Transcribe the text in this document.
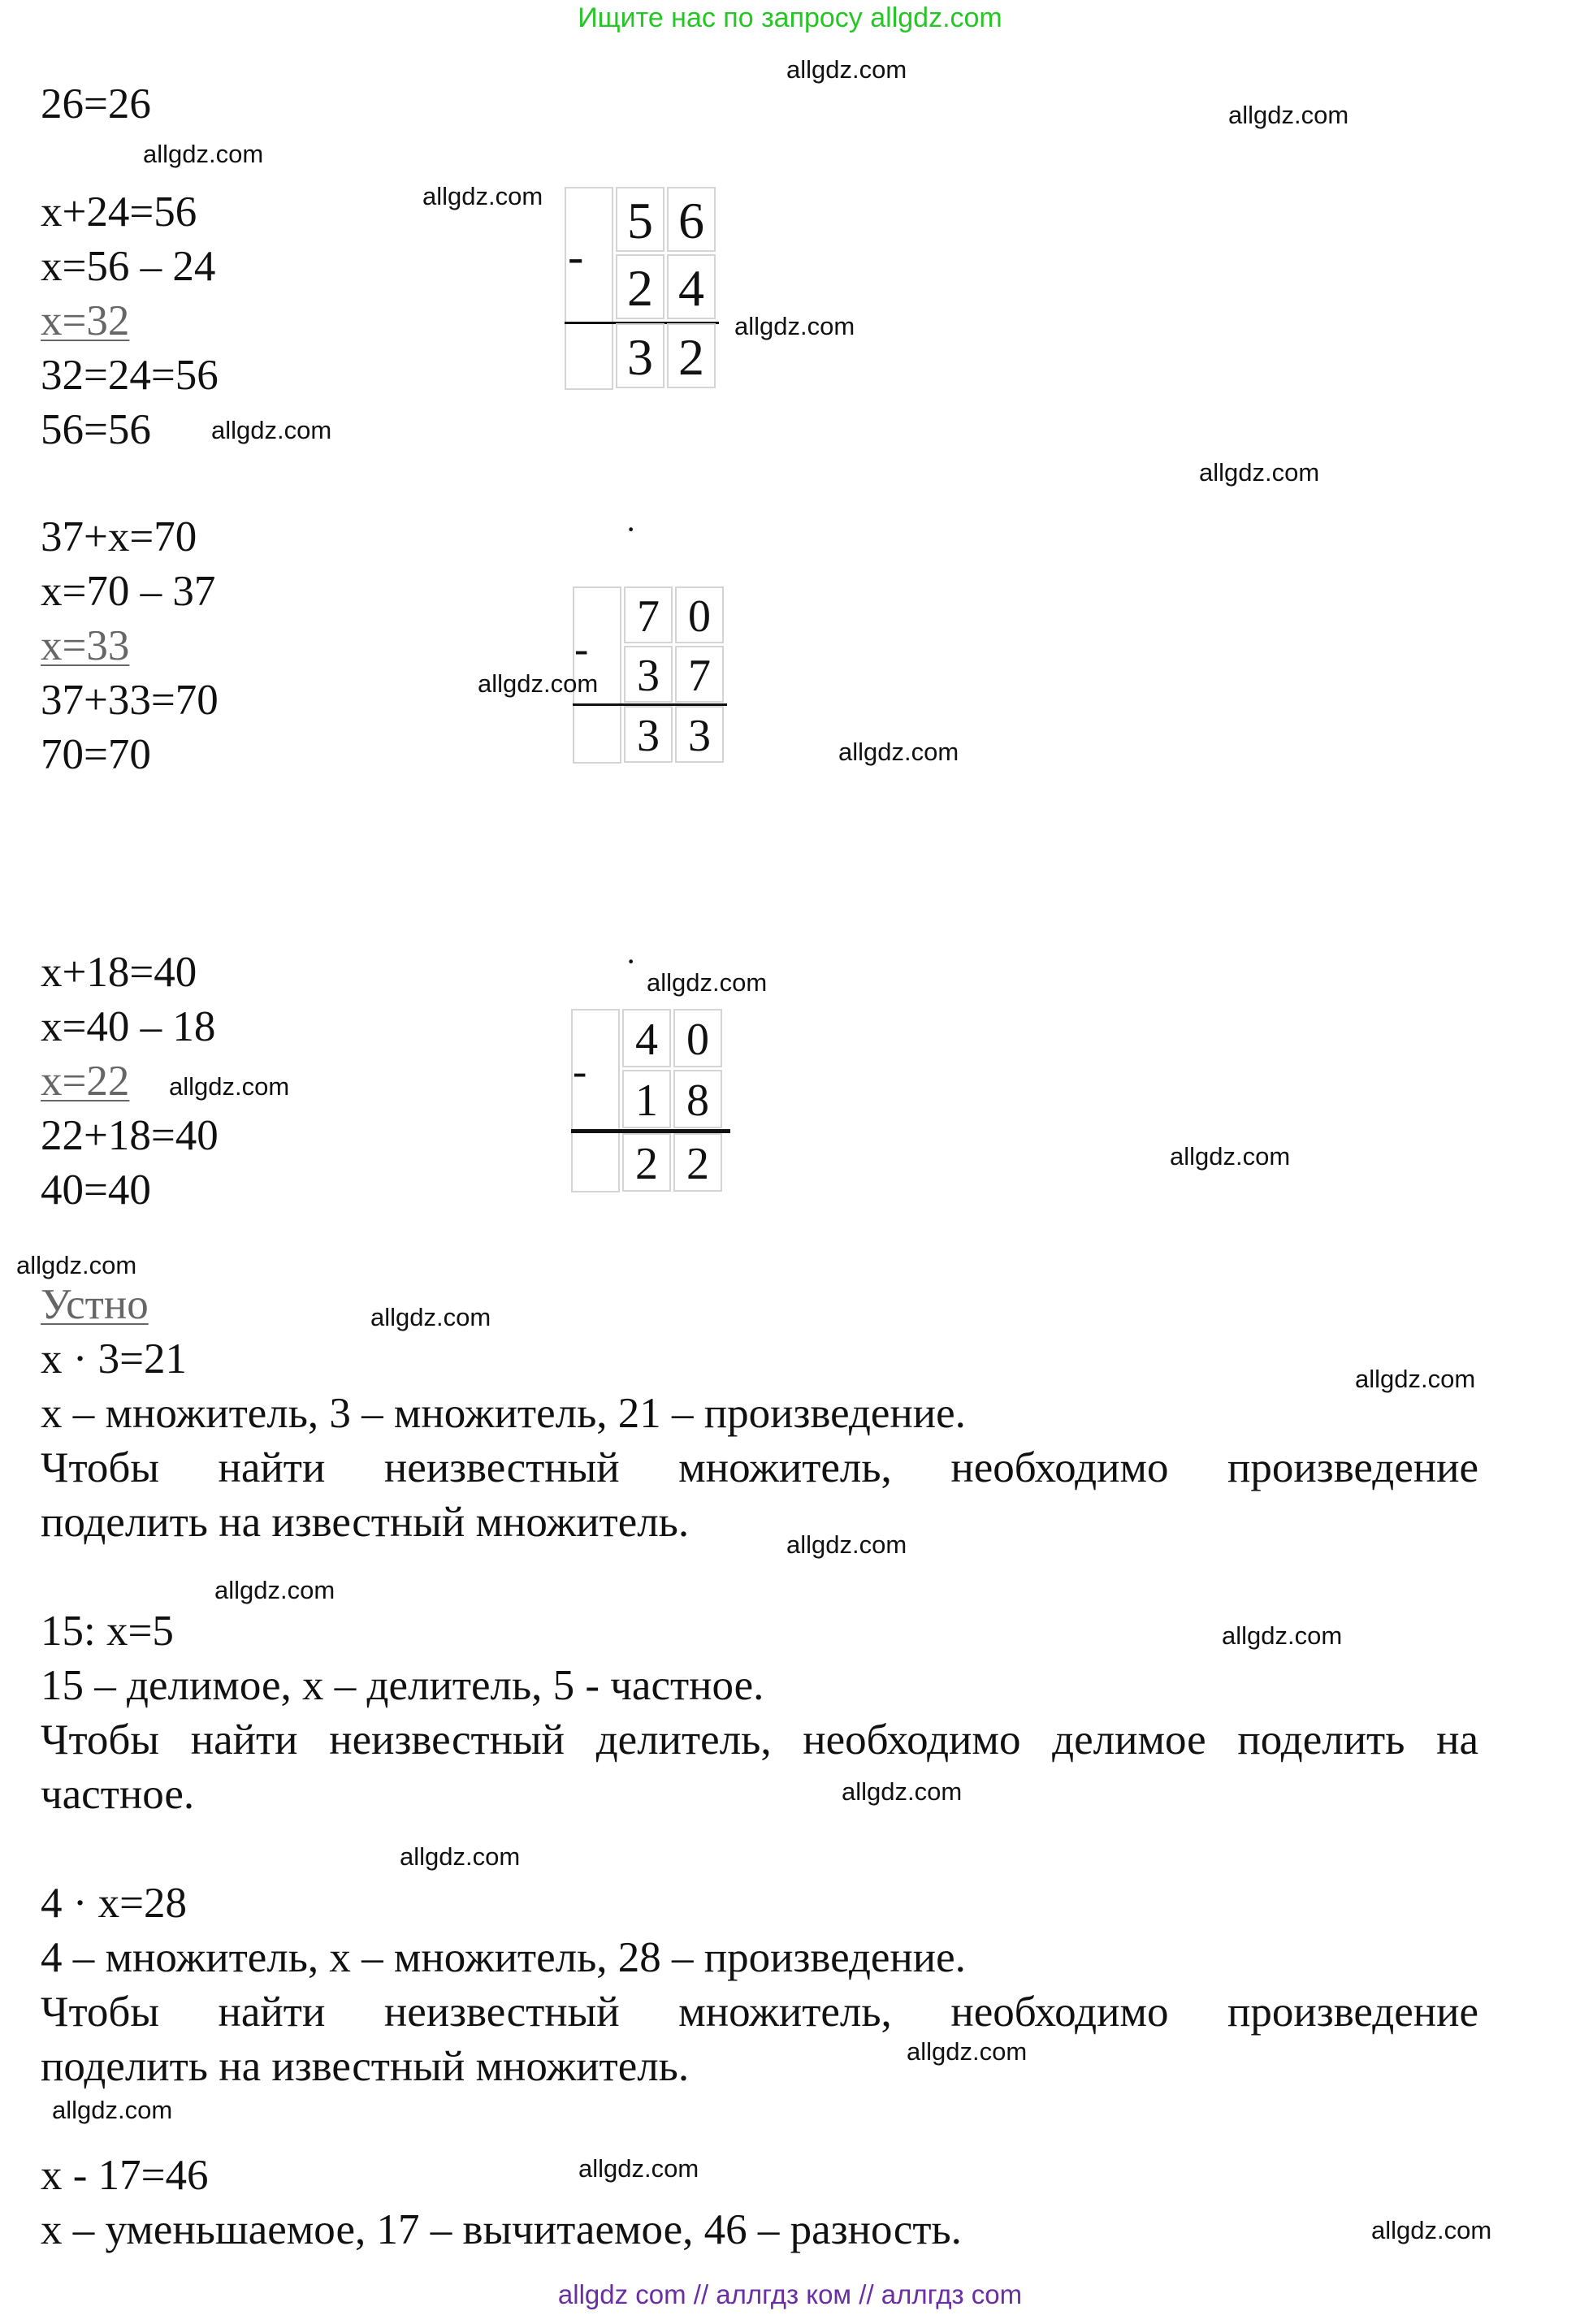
Ищите нас по запросу allgdz.com
26=26
x+24=56
x=56 – 24
x=32
32=24=56
56=56
-
5 6
2 4
3 2
37+x=70
x=70 – 37
x=33
37+33=70
70=70
·
-
7 0
3 7
3 3
x+18=40
x=40 – 18
x=22
22+18=40
40=40
·
-
4 0
1 8
2 2
Устно
x · 3=21
x – множитель, 3 – множитель, 21 – произведение.
Чтобы найти неизвестный множитель, необходимо произведение
поделить на известный множитель.
15: x=5
15 – делимое, x – делитель, 5 - частное.
Чтобы найти неизвестный делитель, необходимо делимое поделить на
частное.
4 · x=28
4 – множитель, x – множитель, 28 – произведение.
Чтобы найти неизвестный множитель, необходимо произведение
поделить на известный множитель.
x - 17=46
x – уменьшаемое, 17 – вычитаемое, 46 – разность.
allgdz.com
allgdz.com
allgdz.com
allgdz.com
allgdz.com
allgdz.com
allgdz.com
allgdz.com
allgdz.com
allgdz.com
allgdz.com
allgdz.com
allgdz.com
allgdz.com
allgdz.com
allgdz.com
allgdz.com
allgdz.com
allgdz.com
allgdz.com
allgdz.com
allgdz.com
allgdz.com
allgdz.com
allgdz com // аллгдз ком // аллгдз com
